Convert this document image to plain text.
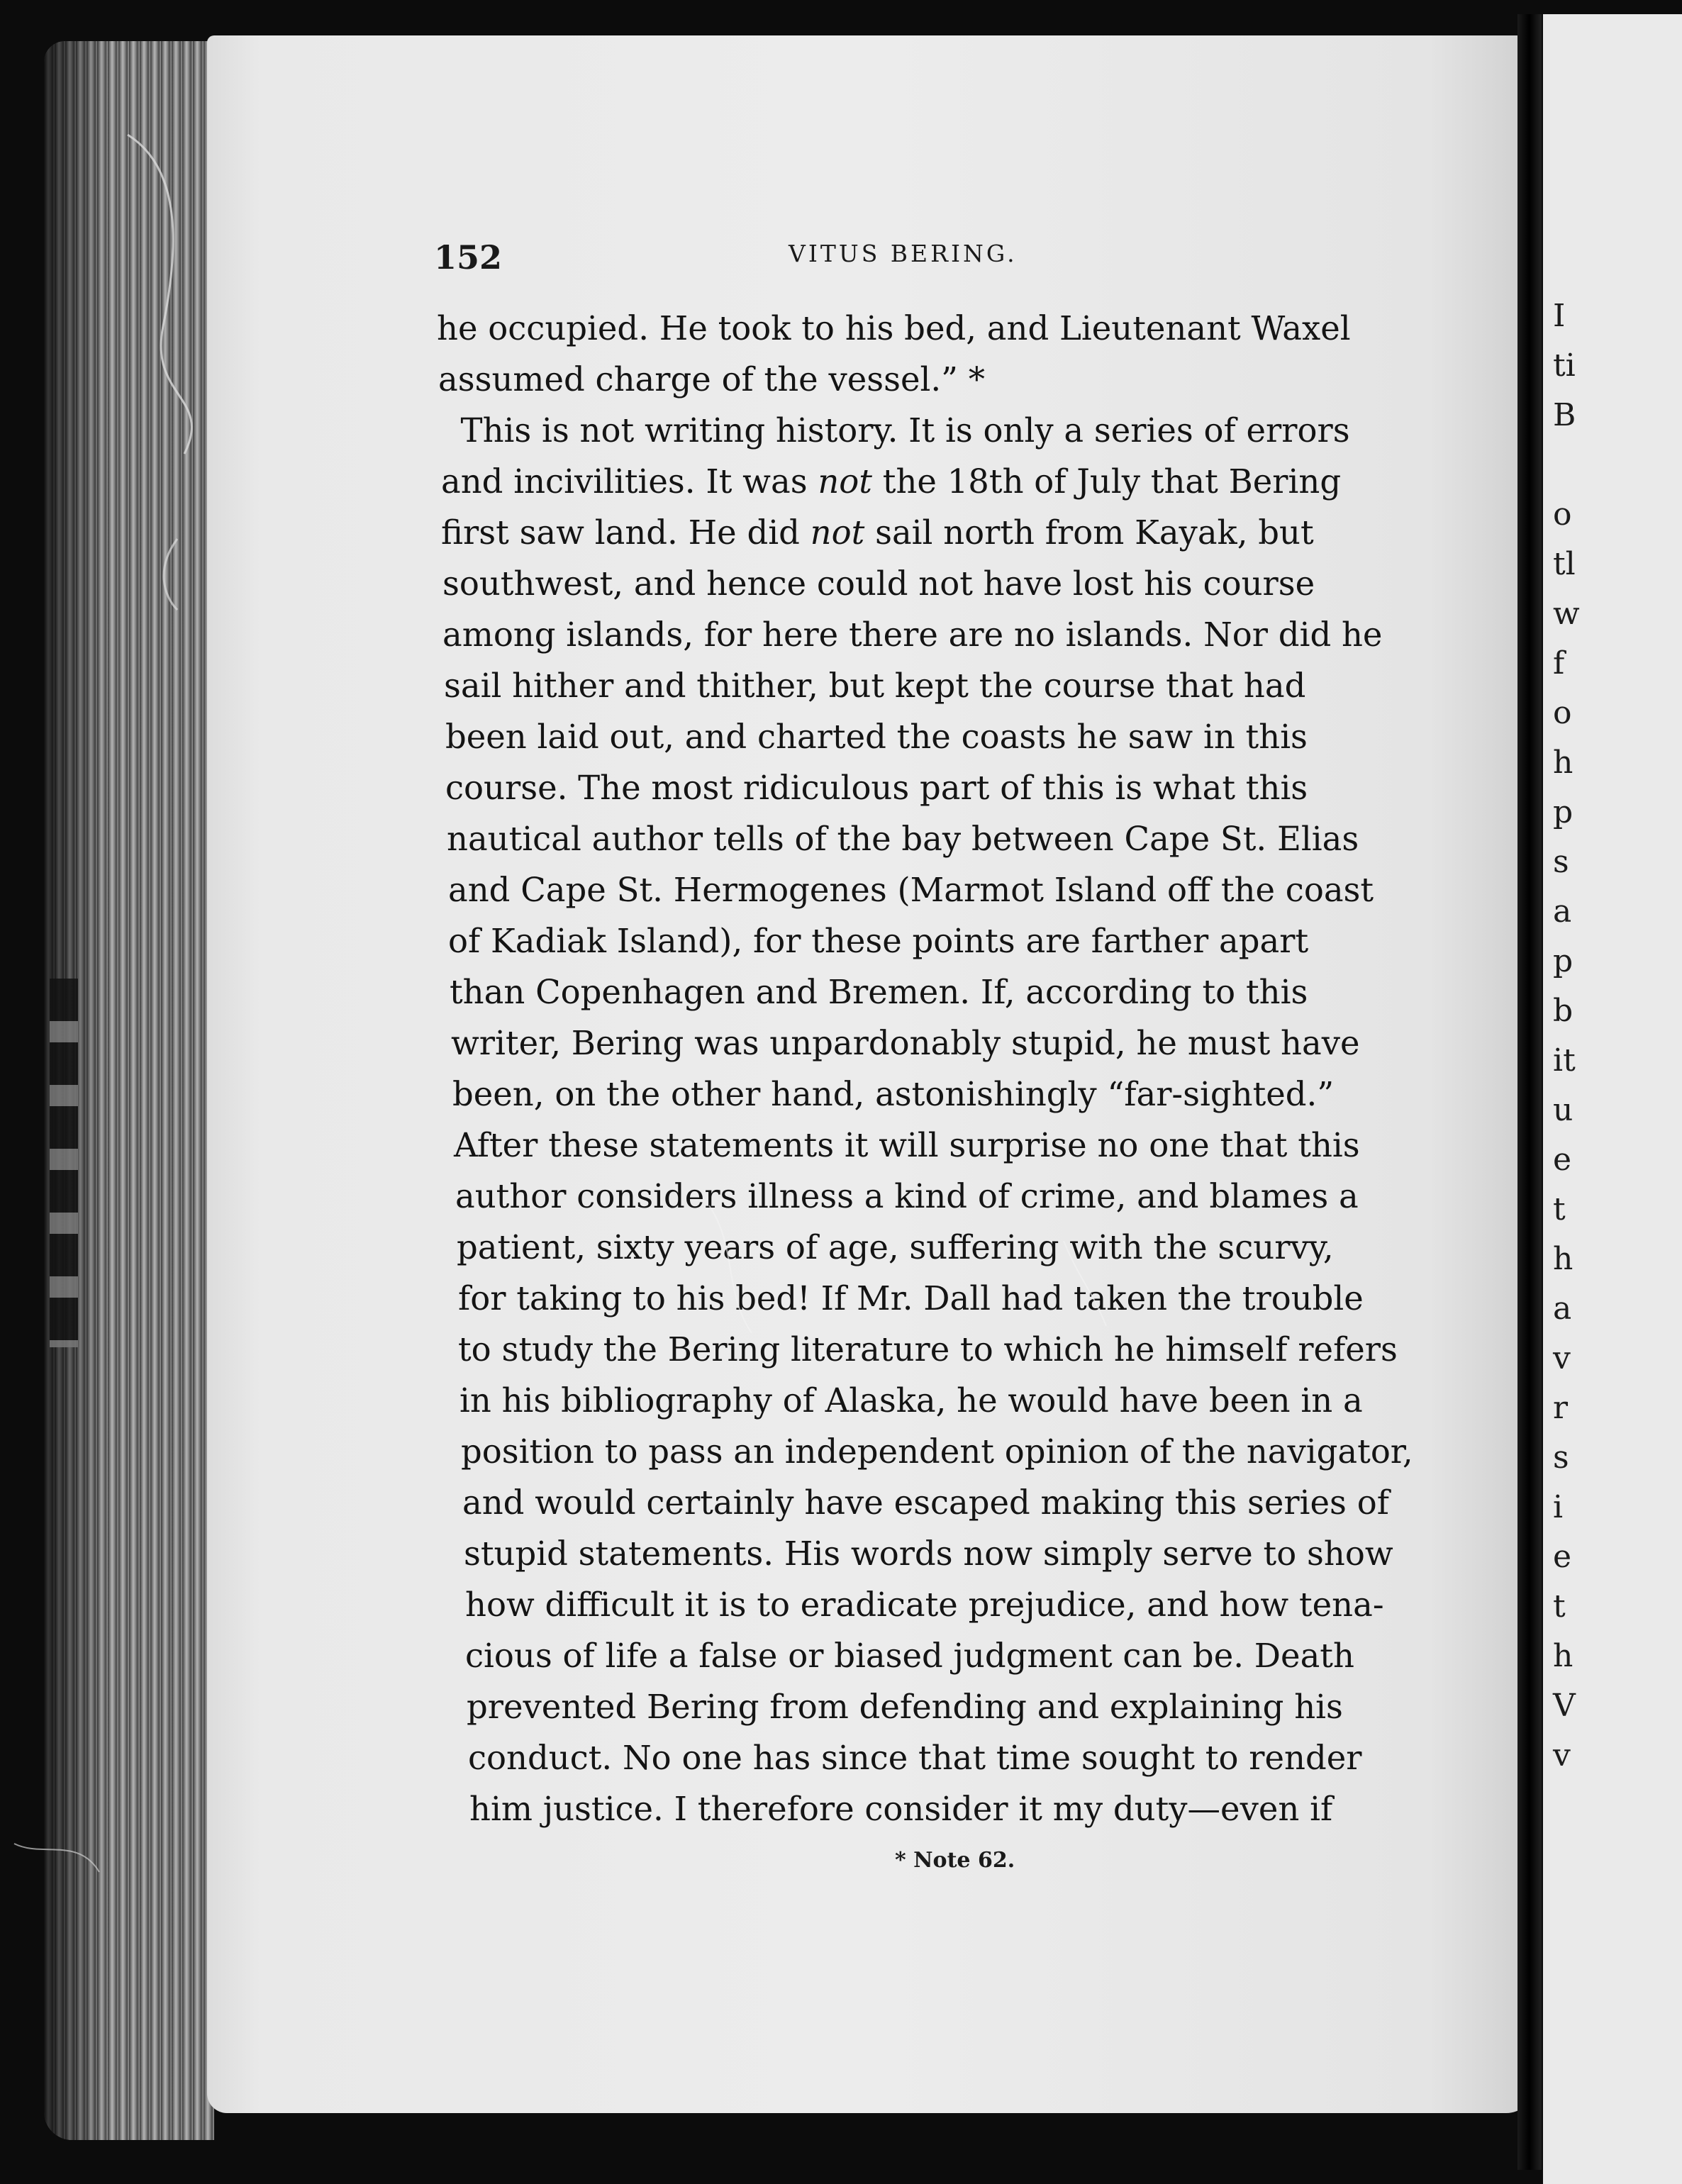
152	VITUS BERING.
he occupied. He took to his bed, and Lieutenant Waxel
assumed charge of the vessel.” *
This is not writing history. It is only a series of errors
and incivilities. It was not the 18th of July that Bering
first saw land. He did not sail north from Kayak, but
southwest, and hence could not have lost his course
among islands, for here there are no islands. Nor did he
sail hither and thither, but kept the course that had
been laid out, and charted the coasts he saw in this
course. The most ridiculous part of this is what this
nautical author tells of the bay between Cape St. Elias
and Cape St. Hermogenes (Marmot Island off the coast
of Kadiak Island), for these points are farther apart
than Copenhagen and Bremen. If, according to this
writer, Bering was unpardonably stupid, he must have
been, on the other hand, astonishingly “far-sighted.”
After these statements it will surprise no one that this
author considers illness a kind of crime, and blames a
patient, sixty years of age, suffering with the scurvy,
for taking to his bed! If Mr. Dall had taken the trouble
to study the Bering literature to which he himself refers
in his bibliography of Alaska, he would have been in a
position to pass an independent opinion of the navigator,
and would certainly have escaped making this series of
stupid statements. His words now simply serve to show
how difficult it is to eradicate prejudice, and how tena-
cious of life a false or biased judgment can be. Death
prevented Bering from defending and explaining his
conduct. No one has since that time sought to render
him justice. I therefore consider it my duty—even if
* Note 62.
I
ti
B
o
tl
w
f
o
h
p
s
a
p
b
it
u
e
t
h
a
v
r
s
i
e
t
h
V
v
